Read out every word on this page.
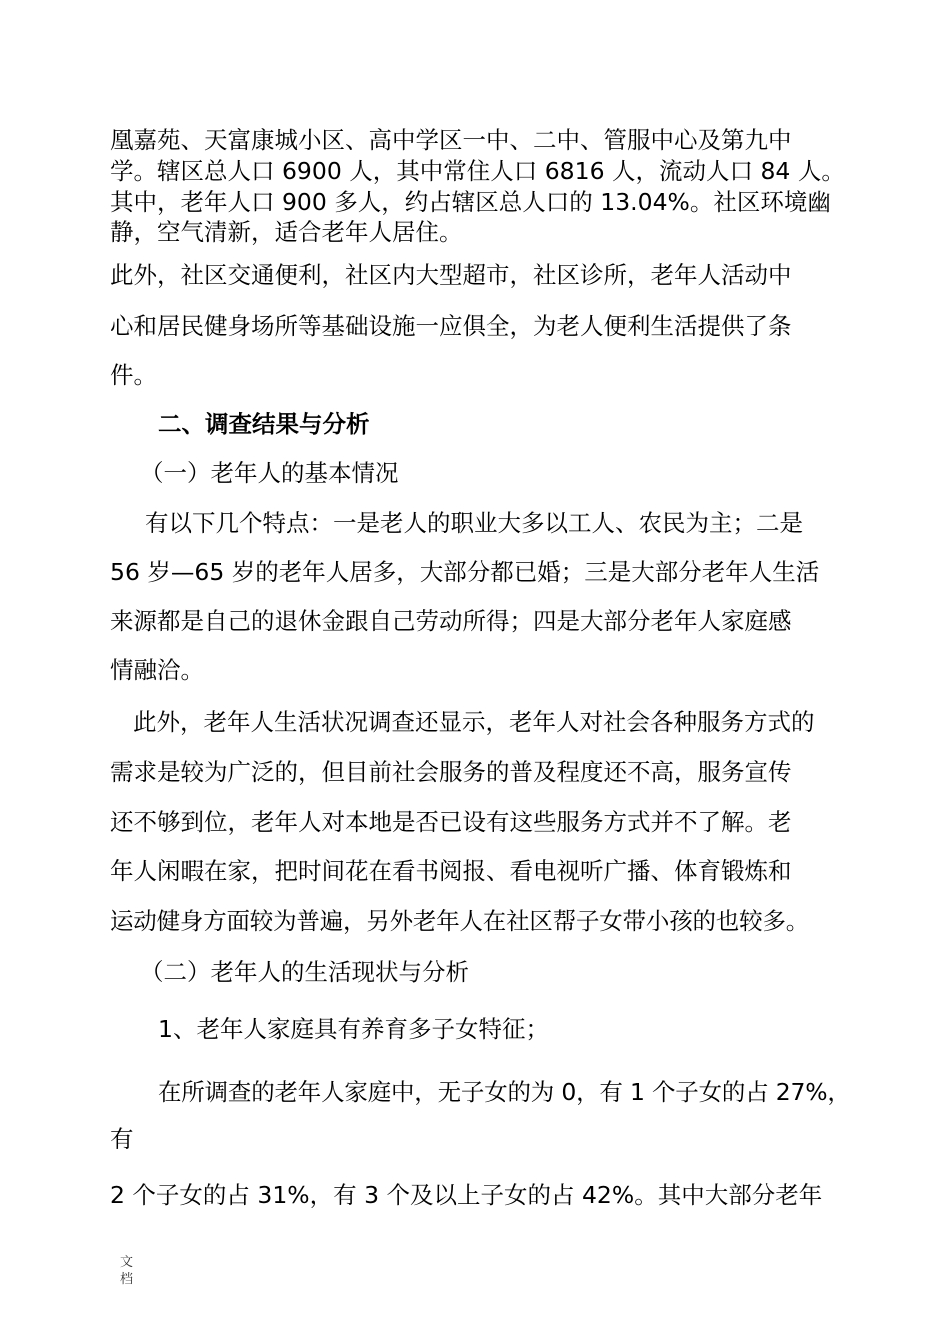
凰嘉苑、天富康城小区、高中学区一中、二中、管服中心及第九中
学。辖区总人口 6900 人，其中常住人口 6816 人，流动人口 84 人。
其中，老年人口 900 多人，约占辖区总人口的 13.04%。社区环境幽
静，空气清新，适合老年人居住。
此外，社区交通便利，社区内大型超市，社区诊所，老年人活动中
心和居民健身场所等基础设施一应俱全，为老人便利生活提供了条
件。
二、调查结果与分析
（一）老年人的基本情况
有以下几个特点：一是老人的职业大多以工人、农民为主；二是
56 岁—65 岁的老年人居多，大部分都已婚；三是大部分老年人生活
来源都是自己的退休金跟自己劳动所得；四是大部分老年人家庭感
情融洽。
此外，老年人生活状况调查还显示，老年人对社会各种服务方式的
需求是较为广泛的，但目前社会服务的普及程度还不高，服务宣传
还不够到位，老年人对本地是否已设有这些服务方式并不了解。老
年人闲暇在家，把时间花在看书阅报、看电视听广播、体育锻炼和
运动健身方面较为普遍，另外老年人在社区帮子女带小孩的也较多。
（二）老年人的生活现状与分析
1、老年人家庭具有养育多子女特征；
在所调查的老年人家庭中，无子女的为 0，有 1 个子女的占 27%，
有
2 个子女的占 31%，有 3 个及以上子女的占 42%。其中大部分老年
文档
